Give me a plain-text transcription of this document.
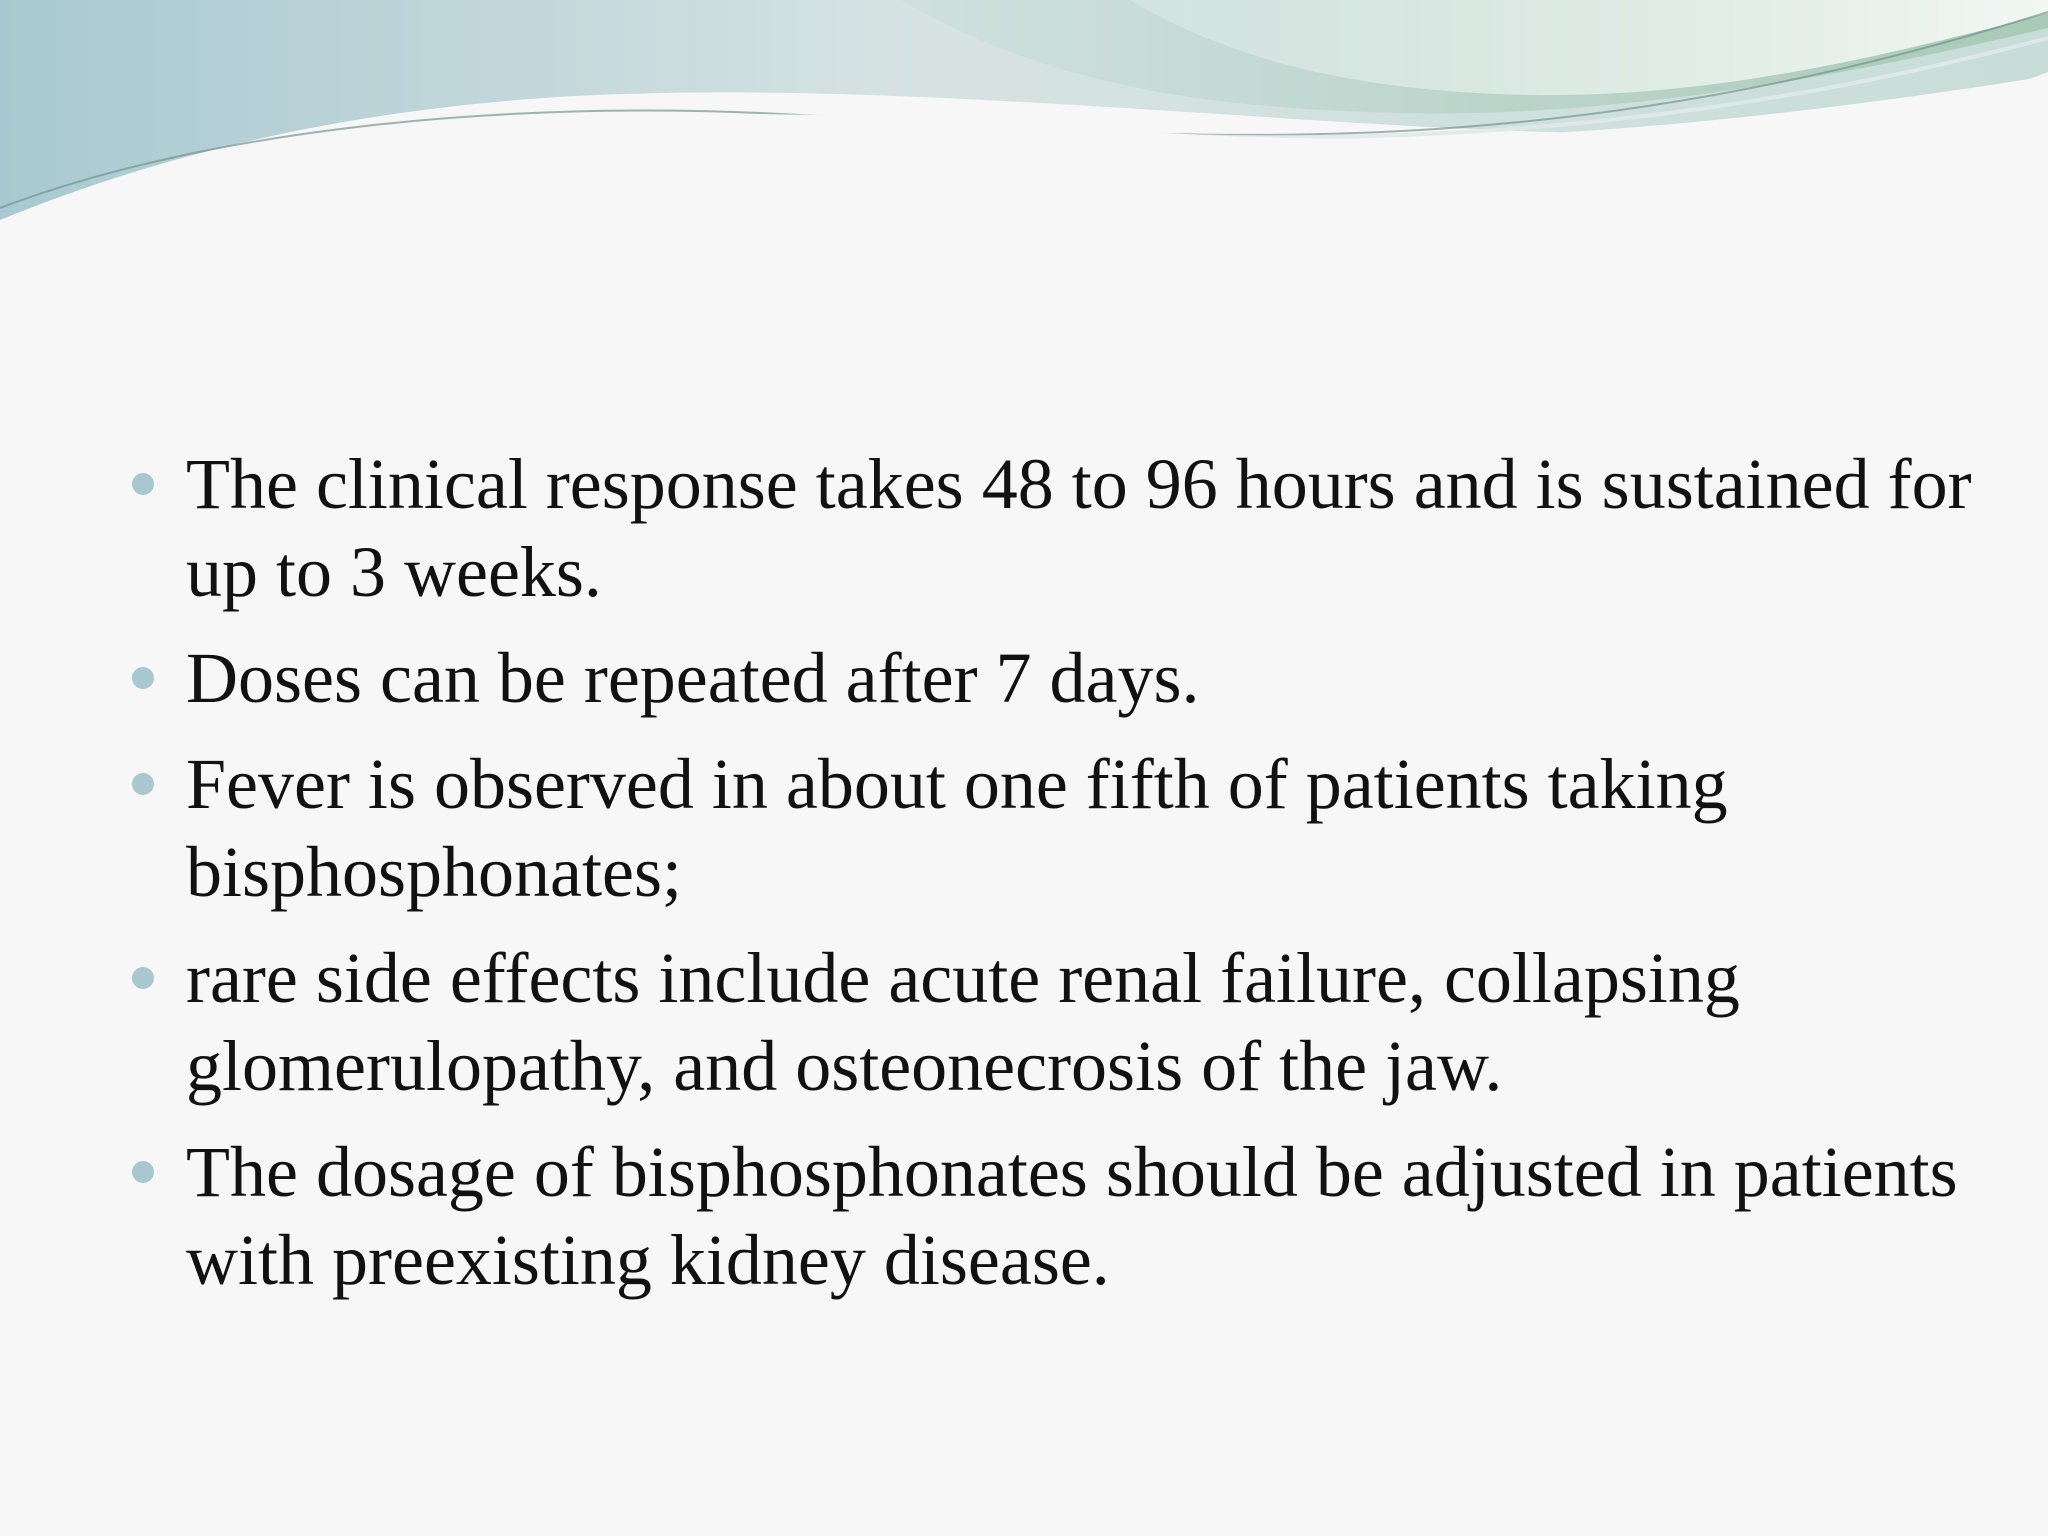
The clinical response takes 48 to 96 hours and is sustained for up to 3 weeks.
Doses can be repeated after 7 days.
Fever is observed in about one fifth of patients taking bisphosphonates;
rare side effects include acute renal failure, collapsing glomerulopathy, and osteonecrosis of the jaw.
The dosage of bisphosphonates should be adjusted in patients with preexisting kidney disease.
